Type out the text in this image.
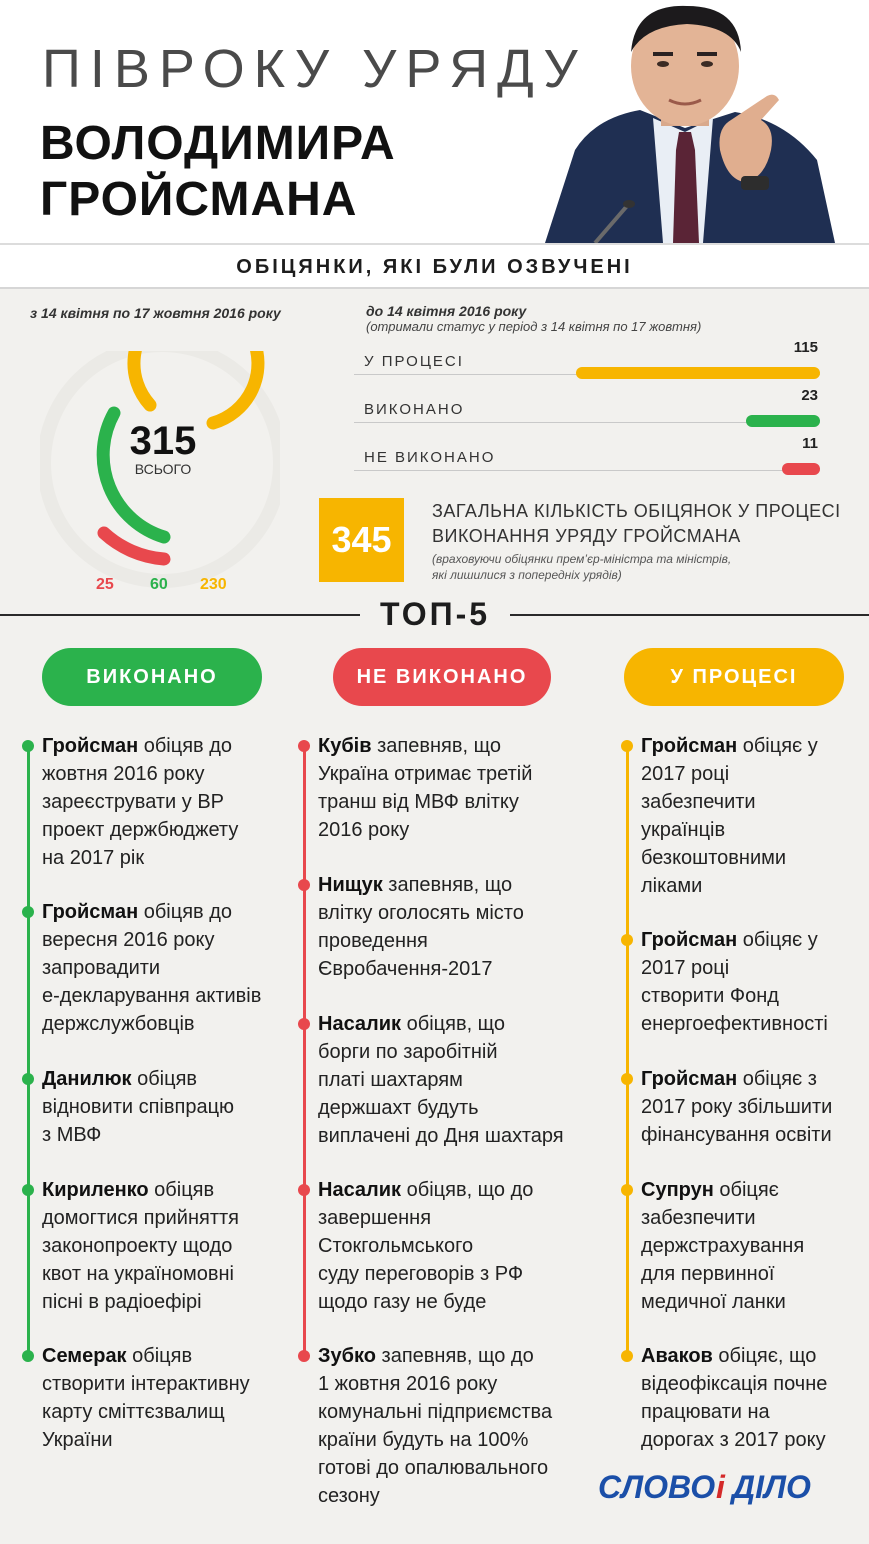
ПІВРОКУ УРЯДУ
ВОЛОДИМИРА
ГРОЙСМАНА
ОБІЦЯНКИ, ЯКІ БУЛИ ОЗВУЧЕНІ
з 14 квітня по 17 жовтня 2016 року	до 14 квітня 2016 року
(отримали статус у період з 14 квітня по 17 жовтня)
315
ВСЬОГО
25 60 230
У ПРОЦЕСІ
115
ВИКОНАНО
23
НЕ ВИКОНАНО
11
345
ЗАГАЛЬНА КІЛЬКІСТЬ ОБІЦЯНОК У ПРОЦЕСІ
ВИКОНАННЯ УРЯДУ ГРОЙСМАНА
(враховуючи обіцянки прем’єр-міністра та міністрів,
які лишилися з попередніх урядів)
ТОП-5
ВИКОНАНО	НЕ ВИКОНАНО	У ПРОЦЕСІ
Гройсман обіцяв до
жовтня 2016 року
зареєструвати у ВР
проект держбюджету
на 2017 рік
Гройсман обіцяв до
вересня 2016 року
запровадити
е-декларування активів
держслужбовців
Данилюк обіцяв
відновити співпрацю
з МВФ
Кириленко обіцяв
домогтися прийняття
законопроекту щодо
квот на україномовні
пісні в радіоефірі
Семерак обіцяв
створити інтерактивну
карту сміттєзвалищ
України
Кубів запевняв, що
Україна отримає третій
транш від МВФ влітку
2016 року
Нищук запевняв, що
влітку оголосять місто
проведення
Євробачення-2017
Насалик обіцяв, що
борги по заробітній
платі шахтарям
держшахт будуть
виплачені до Дня шахтаря
Насалик обіцяв, що до
завершення
Стокгольмського
суду переговорів з РФ
щодо газу не буде
Зубко запевняв, що до
1 жовтня 2016 року
комунальні підприємства
країни будуть на 100%
готові до опалювального
сезону
Гройсман обіцяє у
2017 році
забезпечити
українців
безкоштовними
ліками
Гройсман обіцяє у
2017 році
створити Фонд
енергоефективності
Гройсман обіцяє з
2017 року збільшити
фінансування освіти
Супрун обіцяє
забезпечити
держстрахування
для первинної
медичної ланки
Аваков обіцяє, що
відеофіксація почне
працювати на
дорогах з 2017 року
СЛОВО і ДІЛО
